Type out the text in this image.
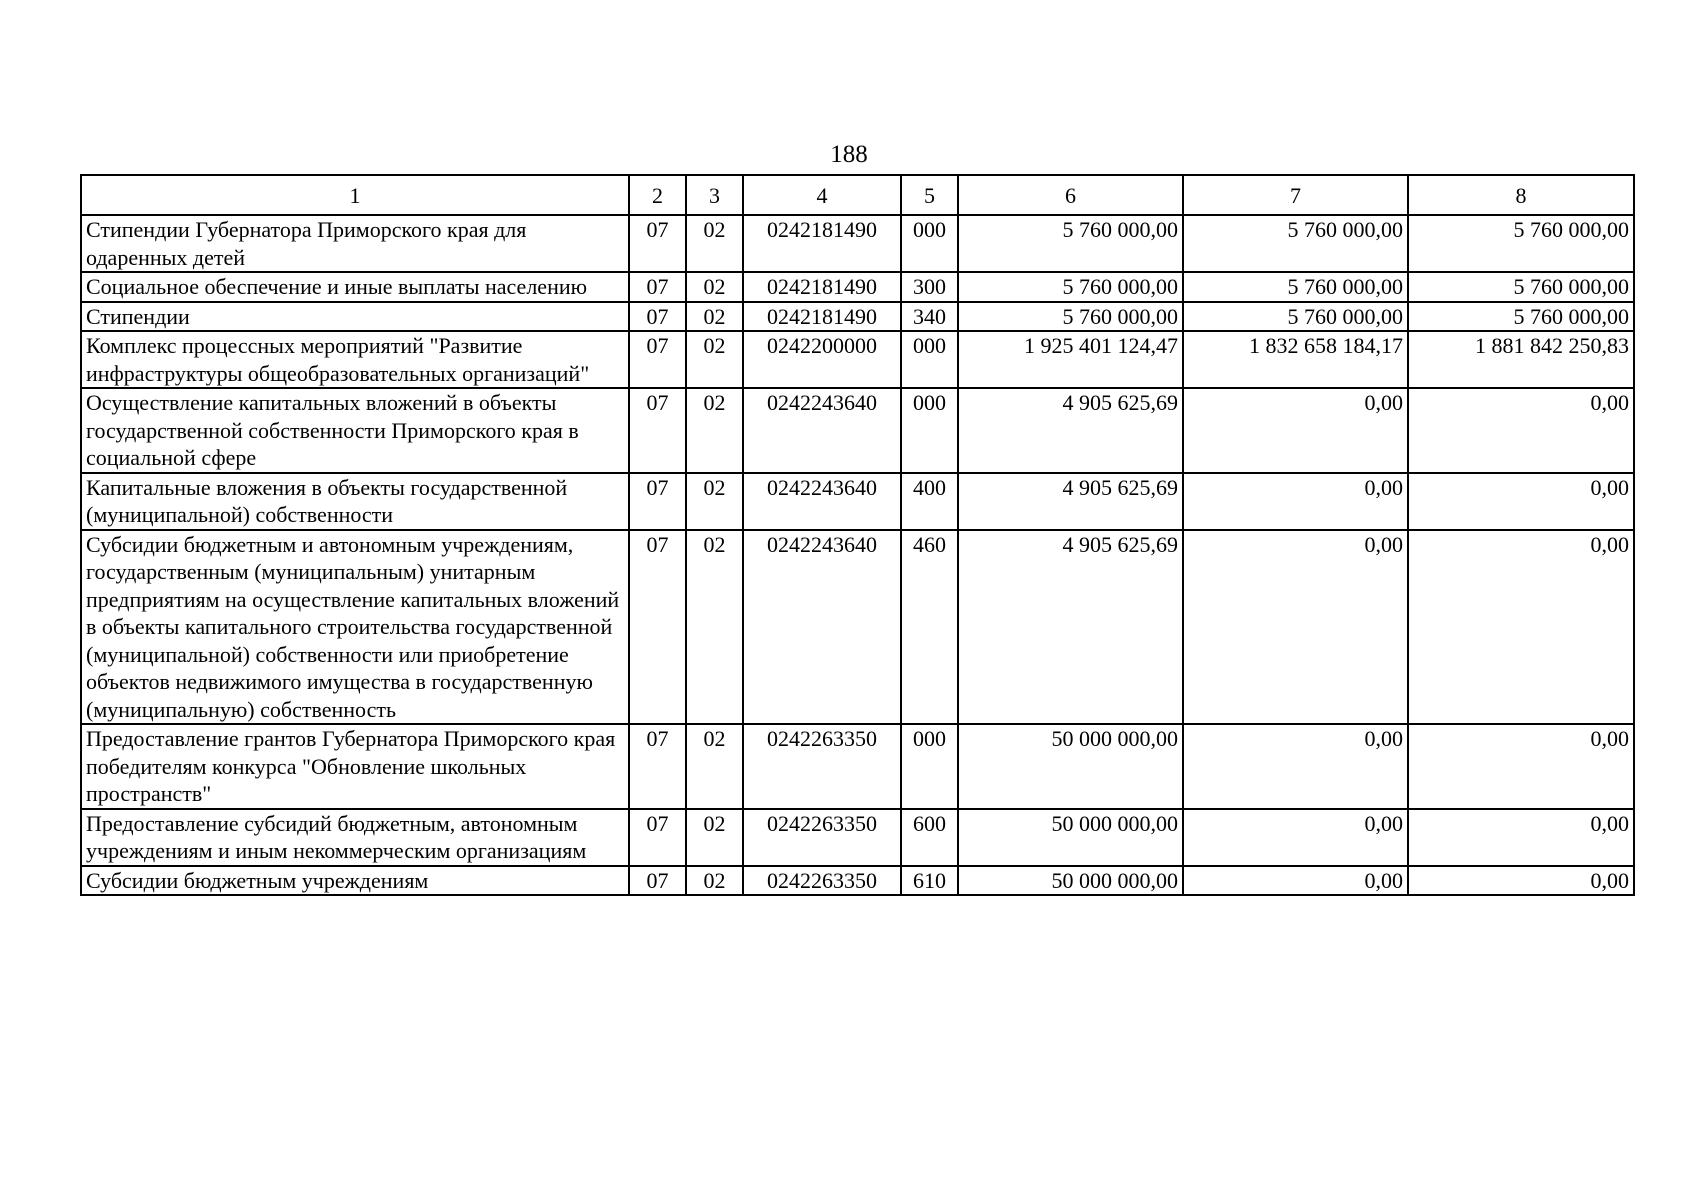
188
1	2	3	4	5	6	7	8
Стипендии Губернатора Приморского края для одаренных детей	07	02	0242181490	000	5 760 000,00	5 760 000,00	5 760 000,00
Социальное обеспечение и иные выплаты населению	07	02	0242181490	300	5 760 000,00	5 760 000,00	5 760 000,00
Стипендии	07	02	0242181490	340	5 760 000,00	5 760 000,00	5 760 000,00
Комплекс процессных мероприятий "Развитие инфраструктуры общеобразовательных организаций"	07	02	0242200000	000	1 925 401 124,47	1 832 658 184,17	1 881 842 250,83
Осуществление капитальных вложений в объекты государственной собственности Приморского края в социальной сфере	07	02	0242243640	000	4 905 625,69	0,00	0,00
Капитальные вложения в объекты государственной (муниципальной) собственности	07	02	0242243640	400	4 905 625,69	0,00	0,00
Субсидии бюджетным и автономным учреждениям, государственным (муниципальным) унитарным предприятиям на осуществление капитальных вложений в объекты капитального строительства государственной (муниципальной) собственности или приобретение объектов недвижимого имущества в государственную (муниципальную) собственность	07	02	0242243640	460	4 905 625,69	0,00	0,00
Предоставление грантов Губернатора Приморского края победителям конкурса "Обновление школьных пространств"	07	02	0242263350	000	50 000 000,00	0,00	0,00
Предоставление субсидий бюджетным, автономным учреждениям и иным некоммерческим организациям	07	02	0242263350	600	50 000 000,00	0,00	0,00
Субсидии бюджетным учреждениям	07	02	0242263350	610	50 000 000,00	0,00	0,00
